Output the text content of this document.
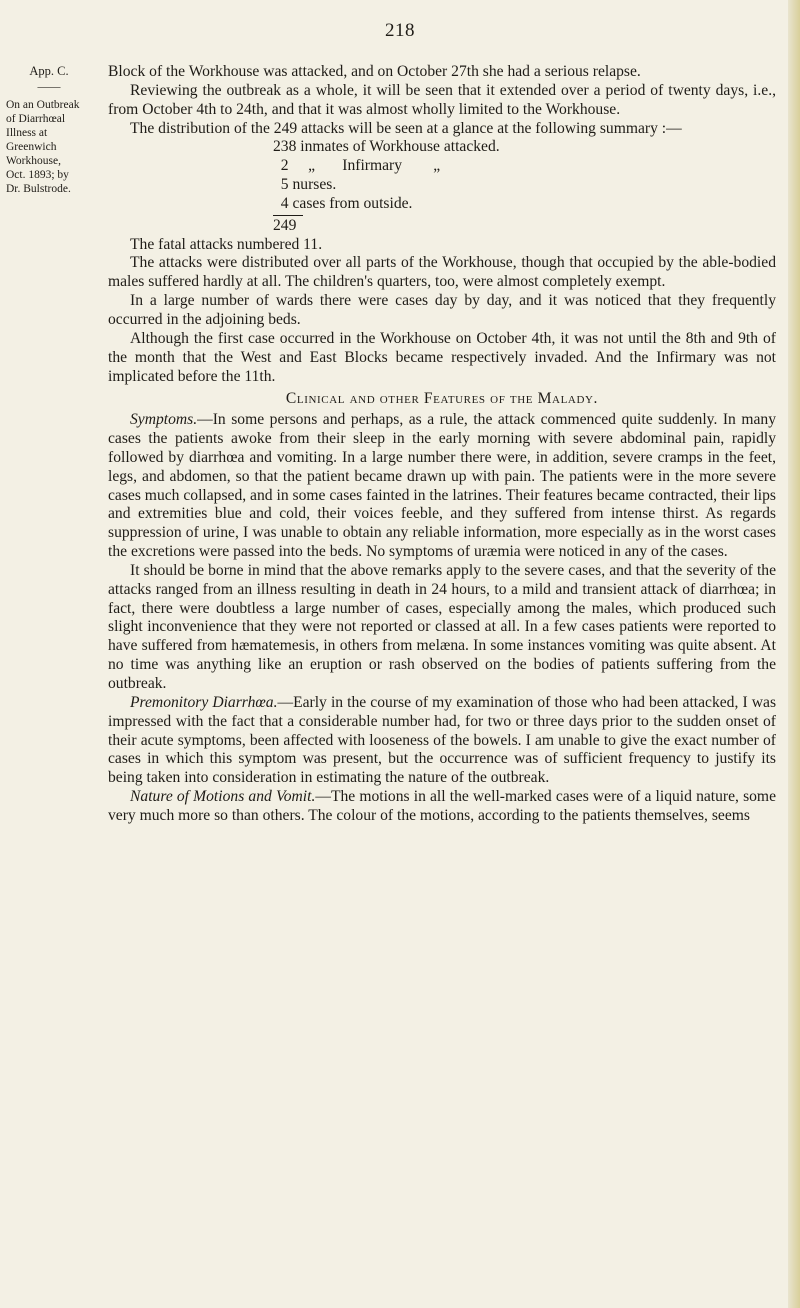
218
App. C.
——
On an Outbreak
of Diarrhœal
Illness at
Greenwich
Workhouse,
Oct. 1893; by
Dr. Bulstrode.

Block of the Workhouse was attacked, and on October 27th she had a serious relapse.

Reviewing the outbreak as a whole, it will be seen that it extended over a period of twenty days, i.e., from October 4th to 24th, and that it was almost wholly limited to the Workhouse.

The distribution of the 249 attacks will be seen at a glance at the following summary :—

238 inmates of Workhouse attacked.
2     „       Infirmary        „
5 nurses.
4 cases from outside.
249

The fatal attacks numbered 11.

The attacks were distributed over all parts of the Workhouse, though that occupied by the able-bodied males suffered hardly at all. The children's quarters, too, were almost completely exempt.

In a large number of wards there were cases day by day, and it was noticed that they frequently occurred in the adjoining beds.

Although the first case occurred in the Workhouse on October 4th, it was not until the 8th and 9th of the month that the West and East Blocks became respectively invaded. And the Infirmary was not implicated before the 11th.

Clinical and other Features of the Malady.

Symptoms.—In some persons and perhaps, as a rule, the attack commenced quite suddenly. In many cases the patients awoke from their sleep in the early morning with severe abdominal pain, rapidly followed by diarrhœa and vomiting. In a large number there were, in addition, severe cramps in the feet, legs, and abdomen, so that the patient became drawn up with pain. The patients were in the more severe cases much collapsed, and in some cases fainted in the latrines. Their features became contracted, their lips and extremities blue and cold, their voices feeble, and they suffered from intense thirst. As regards suppression of urine, I was unable to obtain any reliable information, more especially as in the worst cases the excretions were passed into the beds. No symptoms of uræmia were noticed in any of the cases.

It should be borne in mind that the above remarks apply to the severe cases, and that the severity of the attacks ranged from an illness resulting in death in 24 hours, to a mild and transient attack of diarrhœa; in fact, there were doubtless a large number of cases, especially among the males, which produced such slight inconvenience that they were not reported or classed at all. In a few cases patients were reported to have suffered from hæmatemesis, in others from melæna. In some instances vomiting was quite absent. At no time was anything like an eruption or rash observed on the bodies of patients suffering from the outbreak.

Premonitory Diarrhœa.—Early in the course of my examination of those who had been attacked, I was impressed with the fact that a considerable number had, for two or three days prior to the sudden onset of their acute symptoms, been affected with looseness of the bowels. I am unable to give the exact number of cases in which this symptom was present, but the occurrence was of sufficient frequency to justify its being taken into consideration in estimating the nature of the outbreak.

Nature of Motions and Vomit.—The motions in all the well-marked cases were of a liquid nature, some very much more so than others. The colour of the motions, according to the patients themselves, seems
